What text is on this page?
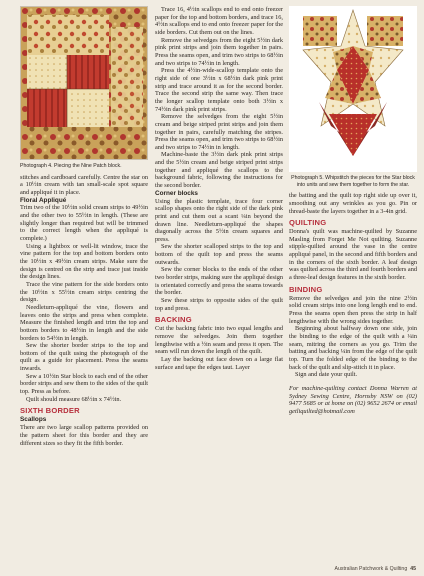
Photograph 4. Piecing the Nine Patch block.

stitches and cardboard carefully. Centre the star on a 10½in cream with tan small-scale spot square and appliqué it in place.

Floral Appliqué

Trim two of the 10½in solid cream strips to 49½in and the other two to 55½in in length. (These are slightly longer than required but will be trimmed to the correct length when the appliqué is complete.)

Using a lightbox or well-lit window, trace the vine pattern for the top and bottom borders onto the 10½in x 49½in cream strips. Make sure the design is centred on the strip and trace just inside the design lines.

Trace the vine pattern for the side borders onto the 10½in x 55½in cream strips centring the design.

Needleturn-appliqué the vine, flowers and leaves onto the strips and press when complete. Measure the finished length and trim the top and bottom borders to 48½in in length and the side borders to 54½in in length.

Sew the shorter border strips to the top and bottom of the quilt using the photograph of the quilt as a guide for placement. Press the seams inwards.

Sew a 10½in Star block to each end of the other border strips and sew them to the sides of the quilt top. Press as before.

Quilt should measure 68½in x 74½in.

SIXTH BORDER
Scallops

There are two large scallop patterns provided on the pattern sheet for this border and they are different sizes so they fit the fifth border.

Trace 16, 4½in scallops end to end onto freezer paper for the top and bottom borders, and trace 16, 4½in scallops end to end onto freezer paper for the side borders. Cut them out on the lines.

Remove the selvedges from the eight 5½in dark pink print strips and join them together in pairs. Press the seams open, and trim two strips to 68½in and two strips to 74½in in length.

Press the 4½in-wide-scallop template onto the right side of one 3½in x 68½in dark pink print strip and trace around it as for the second border. Trace the second strip the same way. Then trace the longer scallop template onto both 3½in x 74½in dark pink print strips.

Remove the selvedges from the eight 5½in cream and beige striped print strips and join them together in pairs, carefully matching the stripes. Press the seams open, and trim two strips to 68½in and two strips to 74½in in length.

Machine-baste the 3½in dark pink print strips and the 5½in cream and beige striped print strips together and appliqué the scallops to the background fabric, following the instructions for the second border.

Corner blocks

Using the plastic template, trace four corner scallop shapes onto the right side of the dark pink print and cut them out a scant ¼in beyond the drawn line. Needleturn-appliqué the shapes diagonally across the 5½in cream squares and press.

Sew the shorter scalloped strips to the top and bottom of the quilt top and press the seams outwards.

Sew the corner blocks to the ends of the other two border strips, making sure the appliqué design is orientated correctly and press the seams towards the border.

Sew these strips to opposite sides of the quilt top and press.

BACKING

Cut the backing fabric into two equal lengths and remove the selvedges. Join them together lengthwise with a ½in seam and press it open. The seam will run down the length of the quilt.

Lay the backing out face down on a large flat surface and tape the edges taut. Layer

Photograph 5. Whipstitch the pieces for the Star block into units and sew them together to form the star.

the batting and the quilt top right side up over it, smoothing out any wrinkles as you go. Pin or thread-baste the layers together in a 3-4in grid.

QUILTING

Donna's quilt was machine-quilted by Suzanne Masling from Forget Me Not quilting. Suzanne stipple-quilted around the vase in the centre appliqué panel, in the second and fifth borders and in the corners of the sixth border. A leaf design was quilted across the third and fourth borders and a three-leaf design features in the sixth border.

BINDING

Remove the selvedges and join the nine 2½in solid cream strips into one long length end to end. Press the seams open then press the strip in half lengthwise with the wrong sides together.

Beginning about halfway down one side, join the binding to the edge of the quilt with a ¼in seam, mitring the corners as you go. Trim the batting and backing ¼in from the edge of the quilt top. Turn the folded edge of the binding to the back of the quilt and slip-stitch it in place.

Sign and date your quilt.

For machine-quilting contact Donna Warren at Sydney Sewing Centre, Hornsby NSW on (02) 9477 5685 or at home on (02) 9652 2674 or email getliquilted@hotmail.com

Australian Patchwork & Quilting 45
